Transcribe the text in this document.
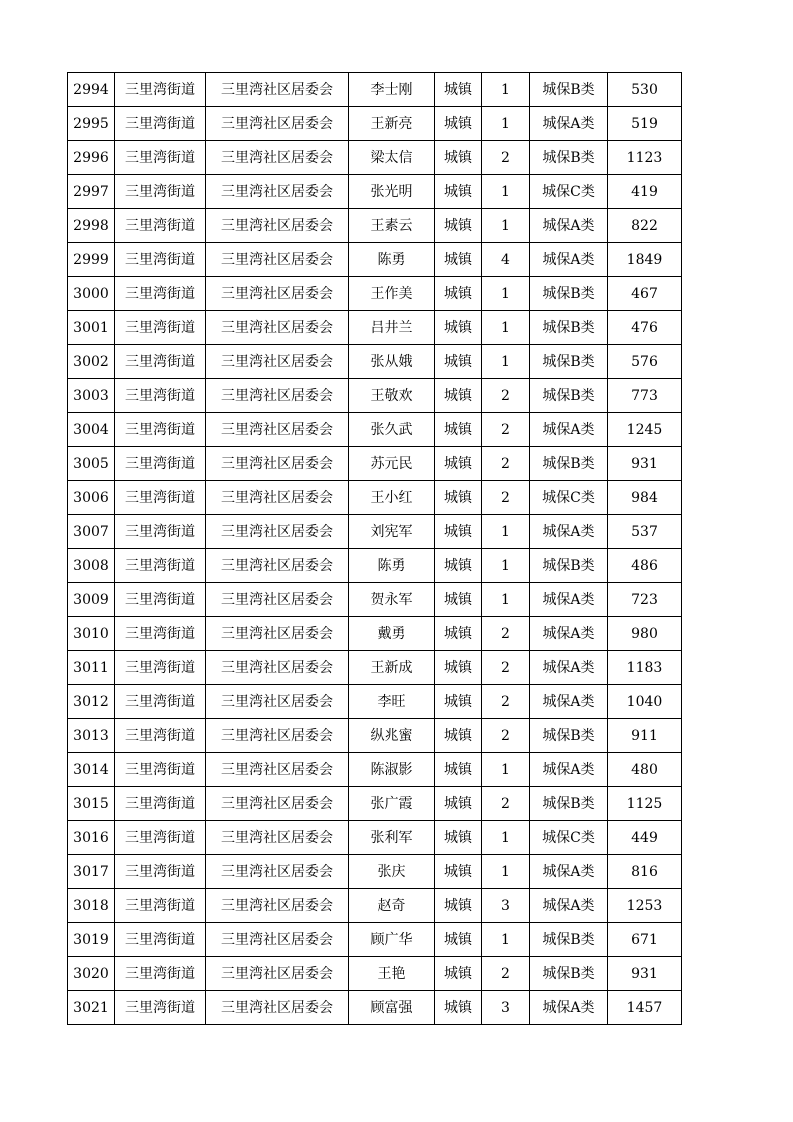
2994	三里湾街道	三里湾社区居委会	李士刚	城镇	1	城保B类	530
2995	三里湾街道	三里湾社区居委会	王新亮	城镇	1	城保A类	519
2996	三里湾街道	三里湾社区居委会	梁太信	城镇	2	城保B类	1123
2997	三里湾街道	三里湾社区居委会	张光明	城镇	1	城保C类	419
2998	三里湾街道	三里湾社区居委会	王素云	城镇	1	城保A类	822
2999	三里湾街道	三里湾社区居委会	陈勇	城镇	4	城保A类	1849
3000	三里湾街道	三里湾社区居委会	王作美	城镇	1	城保B类	467
3001	三里湾街道	三里湾社区居委会	吕井兰	城镇	1	城保B类	476
3002	三里湾街道	三里湾社区居委会	张从娥	城镇	1	城保B类	576
3003	三里湾街道	三里湾社区居委会	王敬欢	城镇	2	城保B类	773
3004	三里湾街道	三里湾社区居委会	张久武	城镇	2	城保A类	1245
3005	三里湾街道	三里湾社区居委会	苏元民	城镇	2	城保B类	931
3006	三里湾街道	三里湾社区居委会	王小红	城镇	2	城保C类	984
3007	三里湾街道	三里湾社区居委会	刘宪军	城镇	1	城保A类	537
3008	三里湾街道	三里湾社区居委会	陈勇	城镇	1	城保B类	486
3009	三里湾街道	三里湾社区居委会	贺永军	城镇	1	城保A类	723
3010	三里湾街道	三里湾社区居委会	戴勇	城镇	2	城保A类	980
3011	三里湾街道	三里湾社区居委会	王新成	城镇	2	城保A类	1183
3012	三里湾街道	三里湾社区居委会	李旺	城镇	2	城保A类	1040
3013	三里湾街道	三里湾社区居委会	纵兆蜜	城镇	2	城保B类	911
3014	三里湾街道	三里湾社区居委会	陈淑影	城镇	1	城保A类	480
3015	三里湾街道	三里湾社区居委会	张广霞	城镇	2	城保B类	1125
3016	三里湾街道	三里湾社区居委会	张利军	城镇	1	城保C类	449
3017	三里湾街道	三里湾社区居委会	张庆	城镇	1	城保A类	816
3018	三里湾街道	三里湾社区居委会	赵奇	城镇	3	城保A类	1253
3019	三里湾街道	三里湾社区居委会	顾广华	城镇	1	城保B类	671
3020	三里湾街道	三里湾社区居委会	王艳	城镇	2	城保B类	931
3021	三里湾街道	三里湾社区居委会	顾富强	城镇	3	城保A类	1457
